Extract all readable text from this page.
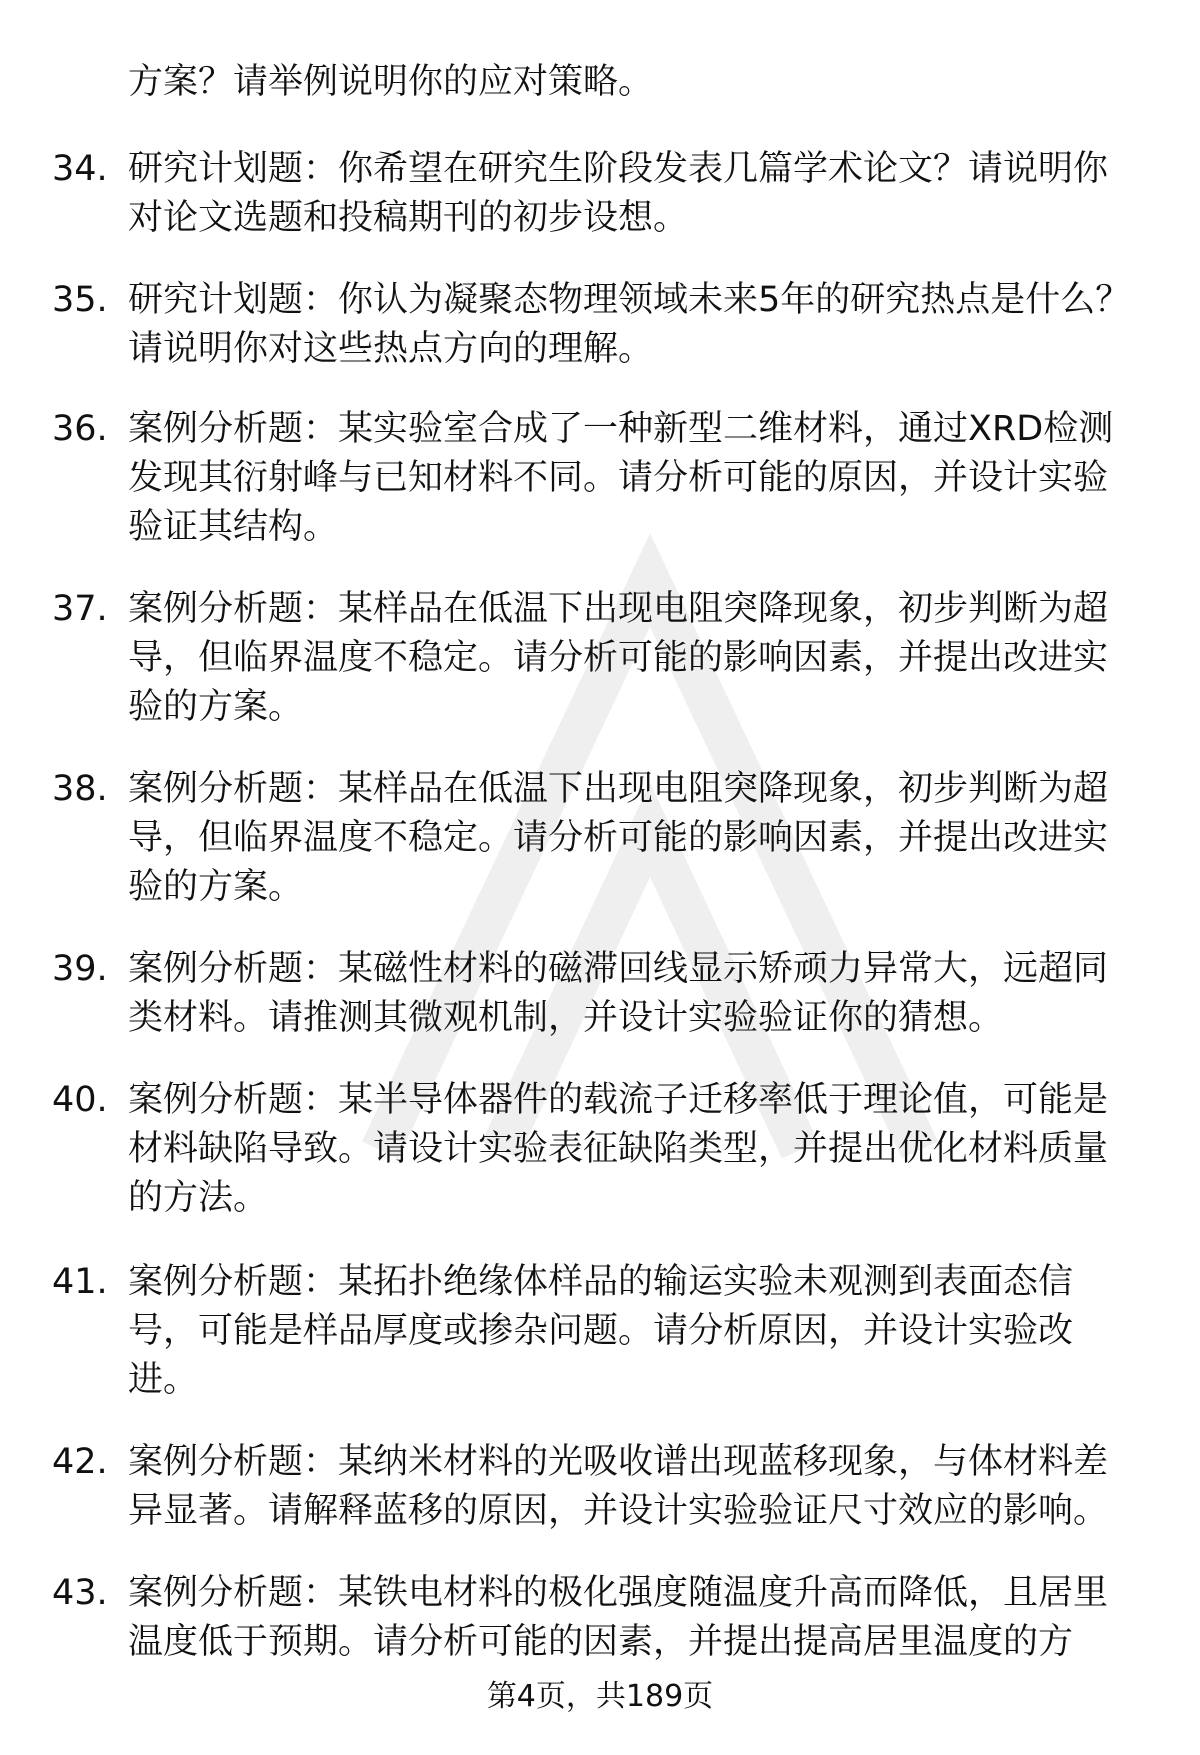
方案？请举例说明你的应对策略。
34. 研究计划题：你希望在研究生阶段发表几篇学术论文？请说明你
对论文选题和投稿期刊的初步设想。
35. 研究计划题：你认为凝聚态物理领域未来5年的研究热点是什么？
请说明你对这些热点方向的理解。
36. 案例分析题：某实验室合成了一种新型二维材料，通过XRD检测
发现其衍射峰与已知材料不同。请分析可能的原因，并设计实验
验证其结构。
37. 案例分析题：某样品在低温下出现电阻突降现象，初步判断为超
导，但临界温度不稳定。请分析可能的影响因素，并提出改进实
验的方案。
38. 案例分析题：某样品在低温下出现电阻突降现象，初步判断为超
导，但临界温度不稳定。请分析可能的影响因素，并提出改进实
验的方案。
39. 案例分析题：某磁性材料的磁滞回线显示矫顽力异常大，远超同
类材料。请推测其微观机制，并设计实验验证你的猜想。
40. 案例分析题：某半导体器件的载流子迁移率低于理论值，可能是
材料缺陷导致。请设计实验表征缺陷类型，并提出优化材料质量
的方法。
41. 案例分析题：某拓扑绝缘体样品的输运实验未观测到表面态信
号，可能是样品厚度或掺杂问题。请分析原因，并设计实验改
进。
42. 案例分析题：某纳米材料的光吸收谱出现蓝移现象，与体材料差
异显著。请解释蓝移的原因，并设计实验验证尺寸效应的影响。
43. 案例分析题：某铁电材料的极化强度随温度升高而降低，且居里
温度低于预期。请分析可能的因素，并提出提高居里温度的方
第4页，共189页
